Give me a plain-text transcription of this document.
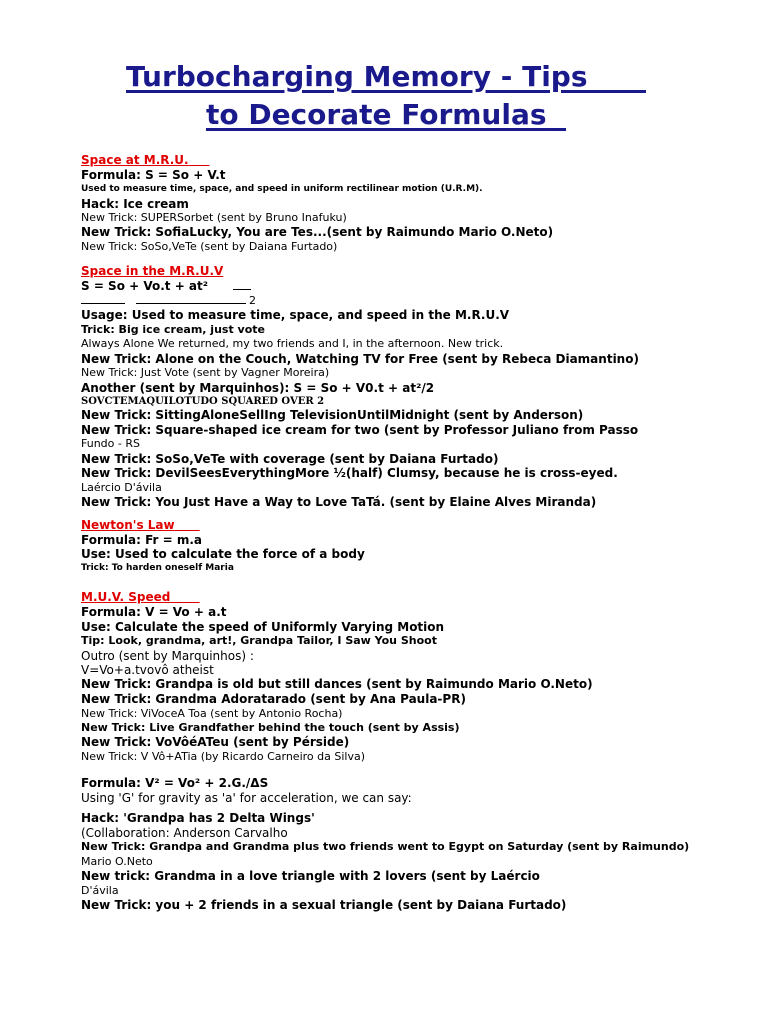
Turbocharging Memory - Tips
to Decorate Formulas
Space at M.R.U.
Formula: S = So + V.t
Used to measure time, space, and speed in uniform rectilinear motion (U.R.M).
Hack: Ice cream
New Trick: SUPERSorbet (sent by Bruno Inafuku)
New Trick: SofiaLucky, You are Tes...(sent by Raimundo Mario O.Neto)
New Trick: SoSo,VeTe (sent by Daiana Furtado)
Space in the M.R.U.V
S = So + Vo.t + at²
2
Usage: Used to measure time, space, and speed in the M.R.U.V
Trick: Big ice cream, just vote
Always Alone We returned, my two friends and I, in the afternoon. New trick.
New Trick: Alone on the Couch, Watching TV for Free (sent by Rebeca Diamantino)
New Trick: Just Vote (sent by Vagner Moreira)
Another (sent by Marquinhos): S = So + V0.t + at²/2
SOVCTEMAQUILOTUDO SQUARED OVER 2
New Trick: SittingAloneSellIng TelevisionUntilMidnight (sent by Anderson)
New Trick: Square-shaped ice cream for two (sent by Professor Juliano from Passo
Fundo - RS
New Trick: SoSo,VeTe with coverage (sent by Daiana Furtado)
New Trick: DevilSeesEverythingMore ½(half) Clumsy, because he is cross-eyed.
Laércio D'ávila
New Trick: You Just Have a Way to Love TaTá. (sent by Elaine Alves Miranda)
Newton's Law
Formula: Fr = m.a
Use: Used to calculate the force of a body
Trick: To harden oneself Maria
M.U.V. Speed
Formula: V = Vo + a.t
Use: Calculate the speed of Uniformly Varying Motion
Tip: Look, grandma, art!, Grandpa Tailor, I Saw You Shoot
Outro (sent by Marquinhos) :
V=Vo+a.tvovô atheist
New Trick: Grandpa is old but still dances (sent by Raimundo Mario O.Neto)
New Trick: Grandma Adoratarado (sent by Ana Paula-PR)
New Trick: ViVoceA Toa (sent by Antonio Rocha)
New Trick: Live Grandfather behind the touch (sent by Assis)
New Trick: VoVôéATeu (sent by Pérside)
New Trick: V Vô+ATia (by Ricardo Carneiro da Silva)
Formula: V² = Vo² + 2.G./ΔS
Using 'G' for gravity as 'a' for acceleration, we can say:
Hack: 'Grandpa has 2 Delta Wings'
(Collaboration: Anderson Carvalho
New Trick: Grandpa and Grandma plus two friends went to Egypt on Saturday (sent by Raimundo)
Mario O.Neto
New trick: Grandma in a love triangle with 2 lovers (sent by Laércio
D'ávila
New Trick: you + 2 friends in a sexual triangle (sent by Daiana Furtado)
